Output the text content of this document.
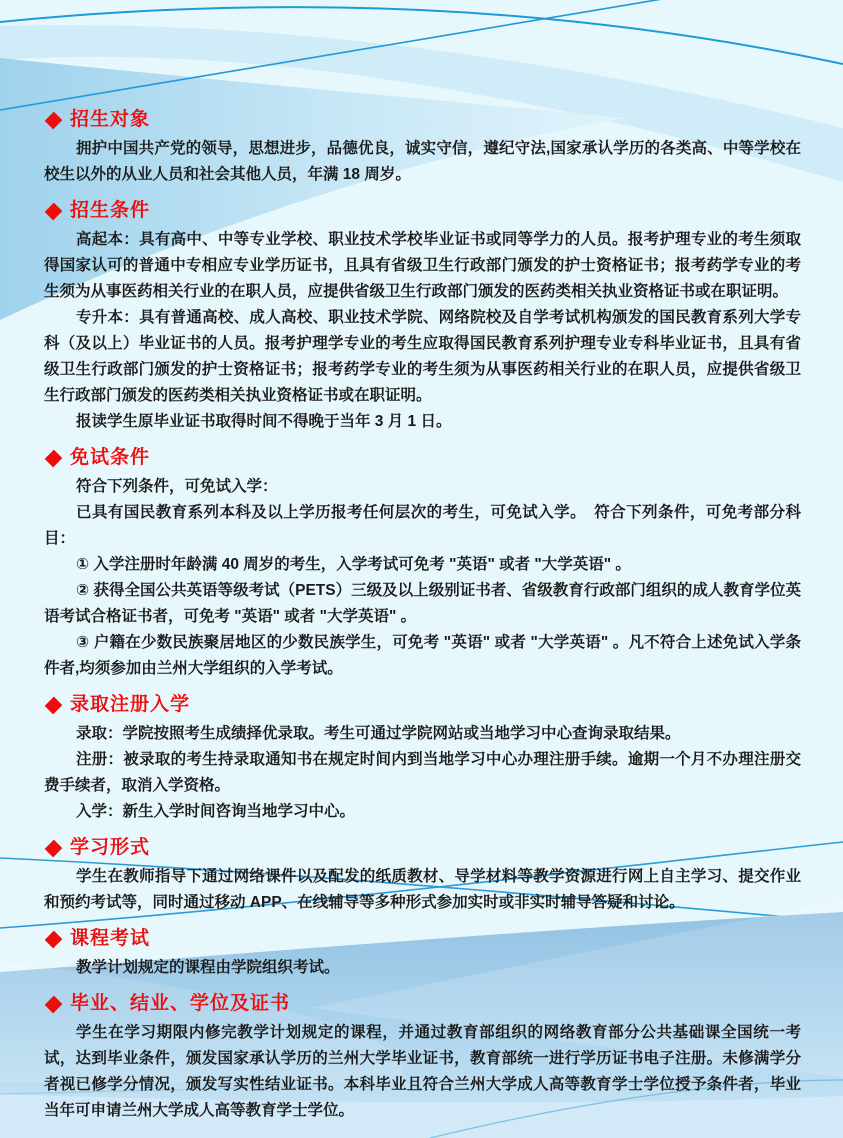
招生对象

拥护中国共产党的领导，思想进步，品德优良，诚实守信，遵纪守法,国家承认学历的各类高、中等学校在校生以外的从业人员和社会其他人员，年满 18 周岁。

招生条件

高起本：具有高中、中等专业学校、职业技术学校毕业证书或同等学力的人员。报考护理专业的考生须取得国家认可的普通中专相应专业学历证书，且具有省级卫生行政部门颁发的护士资格证书；报考药学专业的考生须为从事医药相关行业的在职人员，应提供省级卫生行政部门颁发的医药类相关执业资格证书或在职证明。

专升本：具有普通高校、成人高校、职业技术学院、网络院校及自学考试机构颁发的国民教育系列大学专科（及以上）毕业证书的人员。报考护理学专业的考生应取得国民教育系列护理专业专科毕业证书，且具有省级卫生行政部门颁发的护士资格证书；报考药学专业的考生须为从事医药相关行业的在职人员，应提供省级卫生行政部门颁发的医药类相关执业资格证书或在职证明。

报读学生原毕业证书取得时间不得晚于当年 3 月 1 日。

免试条件

符合下列条件，可免试入学：

已具有国民教育系列本科及以上学历报考任何层次的考生，可免试入学。　符合下列条件，可免考部分科目：

① 入学注册时年龄满 40 周岁的考生，入学考试可免考 "英语" 或者 "大学英语" 。

② 获得全国公共英语等级考试（PETS）三级及以上级别证书者、省级教育行政部门组织的成人教育学位英语考试合格证书者，可免考 "英语" 或者 "大学英语" 。

③ 户籍在少数民族聚居地区的少数民族学生，可免考 "英语" 或者 "大学英语" 。凡不符合上述免试入学条件者,均须参加由兰州大学组织的入学考试。

录取注册入学

录取：学院按照考生成绩择优录取。考生可通过学院网站或当地学习中心查询录取结果。

注册：被录取的考生持录取通知书在规定时间内到当地学习中心办理注册手续。逾期一个月不办理注册交费手续者，取消入学资格。

入学：新生入学时间咨询当地学习中心。

学习形式

学生在教师指导下通过网络课件以及配发的纸质教材、导学材料等教学资源进行网上自主学习、提交作业和预约考试等，同时通过移动 APP、在线辅导等多种形式参加实时或非实时辅导答疑和讨论。

课程考试

教学计划规定的课程由学院组织考试。

毕业、结业、学位及证书

学生在学习期限内修完教学计划规定的课程，并通过教育部组织的网络教育部分公共基础课全国统一考试，达到毕业条件，颁发国家承认学历的兰州大学毕业证书，教育部统一进行学历证书电子注册。未修满学分者视已修学分情况，颁发写实性结业证书。本科毕业且符合兰州大学成人高等教育学士学位授予条件者，毕业当年可申请兰州大学成人高等教育学士学位。
